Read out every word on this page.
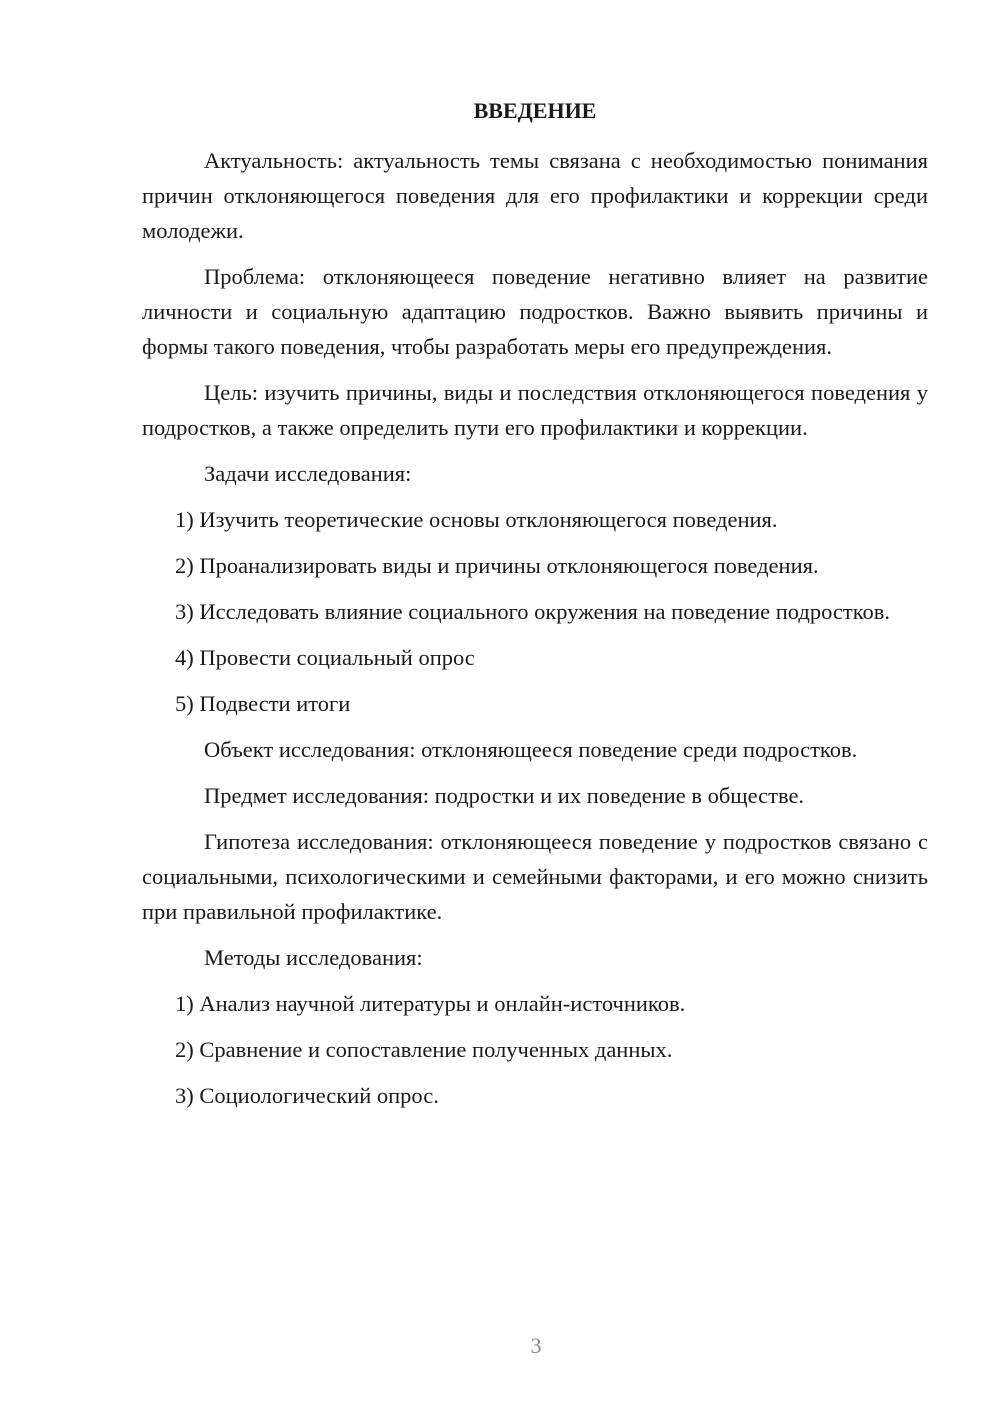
ВВЕДЕНИЕ

Актуальность: актуальность темы связана с необходимостью понимания причин отклоняющегося поведения для его профилактики и коррекции среди молодежи.

Проблема: отклоняющееся поведение негативно влияет на развитие личности и социальную адаптацию подростков. Важно выявить причины и формы такого поведения, чтобы разработать меры его предупреждения.

Цель: изучить причины, виды и последствия отклоняющегося поведения у подростков, а также определить пути его профилактики и коррекции.

Задачи исследования:

1) Изучить теоретические основы отклоняющегося поведения.

2) Проанализировать виды и причины отклоняющегося поведения.

3) Исследовать влияние социального окружения на поведение подростков.

4) Провести социальный опрос

5) Подвести итоги

Объект исследования: отклоняющееся поведение среди подростков.

Предмет исследования: подростки и их поведение в обществе.

Гипотеза исследования: отклоняющееся поведение у подростков связано с социальными, психологическими и семейными факторами, и его можно снизить при правильной профилактике.

Методы исследования:

1) Анализ научной литературы и онлайн-источников.

2) Сравнение и сопоставление полученных данных.

3) Социологический опрос.

3
